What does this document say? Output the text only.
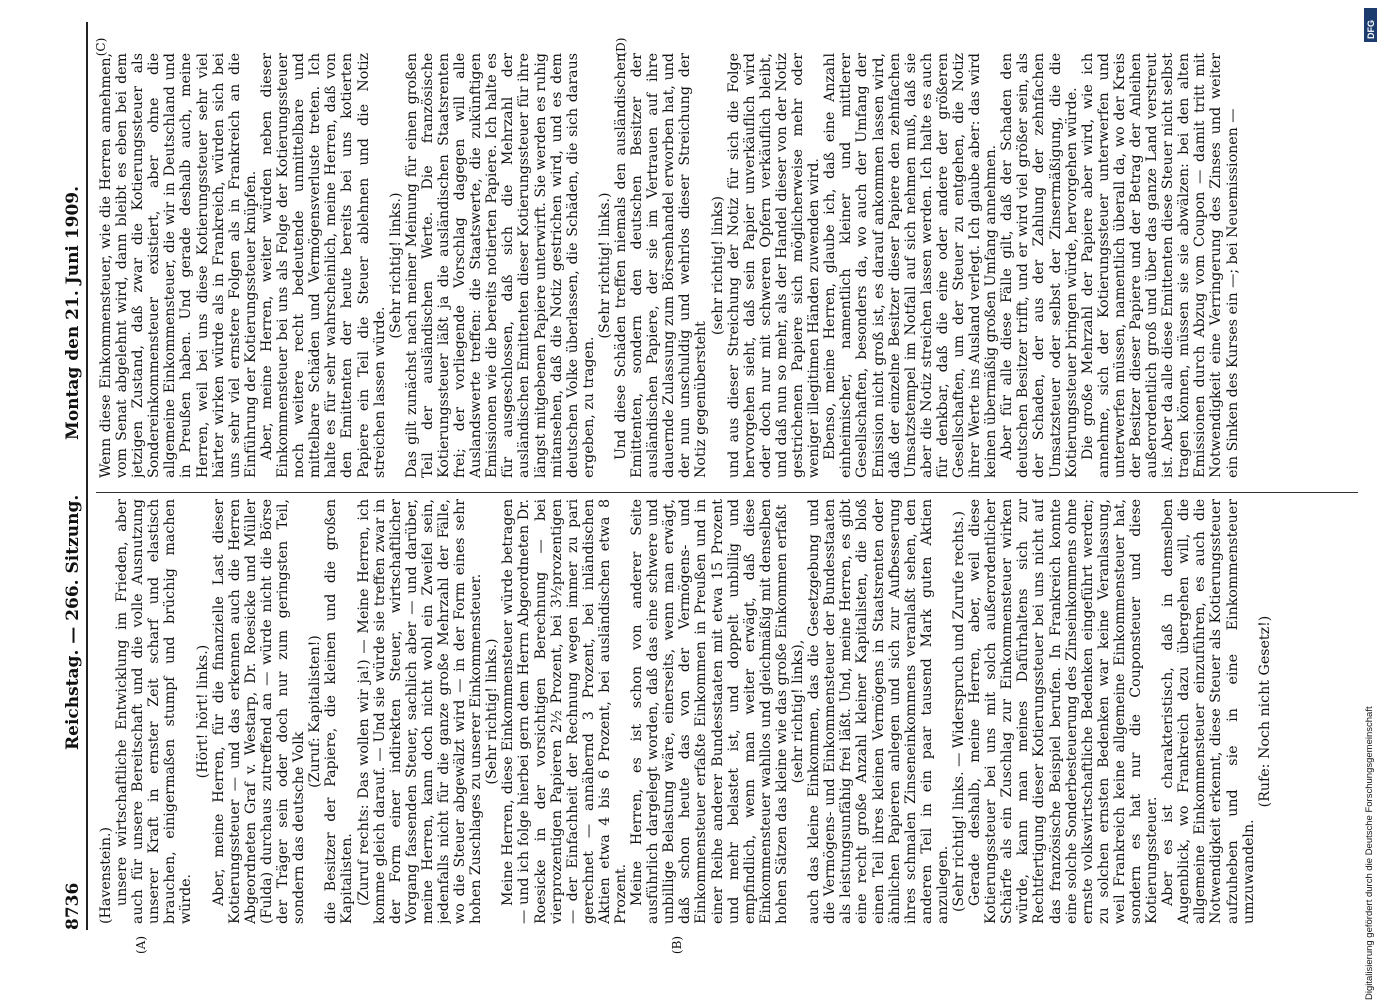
8736
Reichstag. — 266. Sitzung.
Montag den 21. Juni 1909.
(A)	(B)
(C)	(D)

(Havenstein.) unsere wirtschaftliche Entwicklung im Frieden, aber auch für unsere Bereitschaft und die volle Ausnutzung unserer Kraft in ernster Zeit scharf und elastisch brauchen, einigermaßen stumpf und brüchig machen würde.

(Hört! hört! links.) Aber, meine Herren, für die finanzielle Last dieser Kotierungssteuer — und das erkennen auch die Herren Abgeordneten Graf v. Westarp, Dr. Roesicke und Müller (Fulda) durchaus zutreffend an — würde nicht die Börse der Träger sein oder doch nur zum geringsten Teil, sondern das deutsche Volk

(Zuruf: Kapitalisten!) die Besitzer der Papiere, die kleinen und die großen Kapitalisten. (Zuruf rechts: Das wollen wir ja!) — Meine Herren, ich komme gleich darauf. — Und sie würde sie treffen zwar in der Form einer indirekten Steuer, wirtschaftlicher Vorgang fassenden Steuer, sachlich aber — und darüber, meine Herren, kann doch nicht wohl ein Zweifel sein, jedenfalls nicht für die ganze große Mehrzahl der Fälle, wo die Steuer abgewälzt wird — in der Form eines sehr hohen Zuschlages zu unserer Einkommensteuer. (Sehr richtig! links.) Meine Herren, diese Einkommensteuer würde betragen — und ich folge hierbei gern dem Herrn Abgeordneten Dr. Roesicke in der vorsichtigen Berechnung — bei vierprozentigen Papieren 2½ Prozent, bei 3½prozentigen — der Einfachheit der Rechnung wegen immer zu pari gerechnet — annähernd 3 Prozent, bei inländischen Aktien etwa 4 bis 6 Prozent, bei ausländischen etwa 8 Prozent. Meine Herren, es ist schon von anderer Seite ausführlich dargelegt worden, daß das eine schwere und unbillige Belastung wäre, einerseits, wenn man erwägt, daß schon heute das von der Vermögens- und Einkommensteuer erfaßte Einkommen in Preußen und in einer Reihe anderer Bundesstaaten mit etwa 15 Prozent und mehr belastet ist, und doppelt unbillig und empfindlich, wenn man weiter erwägt, daß diese Einkommensteuer wahllos und gleichmäßig mit denselben hohen Sätzen das kleine wie das große Einkommen erfaßt (sehr richtig! links), auch das kleine Einkommen, das die Gesetzgebung und die Vermögens- und Einkommensteuer der Bundesstaaten als leistungsunfähig frei läßt. Und, meine Herren, es gibt eine recht große Anzahl kleiner Kapitalisten, die bloß einen Teil ihres kleinen Vermögens in Staatsrenten oder ähnlichen Papieren anlegen und sich zur Aufbesserung ihres schmalen Zinseneinkommens veranlaßt sehen, den anderen Teil in ein paar tausend Mark guten Aktien anzulegen. (Sehr richtig! links. — Widerspruch und Zurufe rechts.) Gerade deshalb, meine Herren, aber, weil diese Kotierungssteuer bei uns mit solch außerordentlicher Schärfe als ein Zuschlag zur Einkommensteuer wirken würde, kann man meines Dafürhaltens sich zur Rechtfertigung dieser Kotierungssteuer bei uns nicht auf das französische Beispiel berufen. In Frankreich konnte eine solche Sonderbesteuerung des Zinseinkommens ohne ernste volkswirtschaftliche Bedenken eingeführt werden; zu solchen ernsten Bedenken war keine Veranlassung, weil Frankreich keine allgemeine Einkommensteuer hat, sondern es hat nur die Couponsteuer und diese Kotierungssteuer. Aber es ist charakteristisch, daß in demselben Augenblick, wo Frankreich dazu übergehen will, die allgemeine Einkommensteuer einzuführen, es auch die Notwendigkeit erkennt, diese Steuer als Kotierungssteuer aufzuheben und sie in eine Einkommensteuer umzuwandeln.

(Rufe: Noch nicht Gesetz!)

Wenn diese Einkommensteuer, wie die Herren annehmen, vom Senat abgelehnt wird, dann bleibt es eben bei dem jetzigen Zustand, daß zwar die Kotierungssteuer als Sondereinkommensteuer existiert, aber ohne die allgemeine Einkommensteuer, die wir in Deutschland und in Preußen haben. Und gerade deshalb auch, meine Herren, weil bei uns diese Kotierungssteuer sehr viel härter wirken würde als in Frankreich, würden sich bei uns sehr viel ernstere Folgen als in Frankreich an die Einführung der Kotierungssteuer knüpfen. Aber, meine Herren, weiter würden neben dieser Einkommensteuer bei uns als Folge der Kotierungssteuer noch weitere recht bedeutende unmittelbare und mittelbare Schäden und Vermögensverluste treten. Ich halte es für sehr wahrscheinlich, meine Herren, daß von den Emittenten der heute bereits bei uns kotierten Papiere ein Teil die Steuer ablehnen und die Notiz streichen lassen würde.

(Sehr richtig! links.) Das gilt zunächst nach meiner Meinung für einen großen Teil der ausländischen Werte. Die französische Kotierungssteuer läßt ja die ausländischen Staatsrenten frei; der vorliegende Vorschlag dagegen will alle Auslandswerte treffen: die Staatswerte, die zukünftigen Emissionen wie die bereits notierten Papiere. Ich halte es für ausgeschlossen, daß sich die Mehrzahl der ausländischen Emittenten dieser Kotierungssteuer für ihre längst mitgebenen Papiere unterwirft. Sie werden es ruhig mitansehen, daß die Notiz gestrichen wird, und es dem deutschen Volke überlassen, die Schäden, die sich daraus ergeben, zu tragen.

(Sehr richtig! links.) Und diese Schäden treffen niemals den ausländischen Emittenten, sondern den deutschen Besitzer der ausländischen Papiere, der sie im Vertrauen auf ihre dauernde Zulassung zum Börsenhandel erworben hat, und der nun unschuldig und wehrlos dieser Streichung der Notiz gegenübersteht

(sehr richtig! links) und aus dieser Streichung der Notiz für sich die Folge hervorgehen sieht, daß sein Papier unverkäuflich wird oder doch nur mit schweren Opfern verkäuflich bleibt, und daß nun so mehr, als der Handel dieser von der Notiz gestrichenen Papiere sich möglicherweise mehr oder weniger illegitimen Händen zuwenden wird. Ebenso, meine Herren, glaube ich, daß eine Anzahl einheimischer, namentlich kleiner und mittlerer Gesellschaften, besonders da, wo auch der Umfang der Emission nicht groß ist, es darauf ankommen lassen wird, daß der einzelne Besitzer dieser Papiere den zehnfachen Umsatzstempel im Notfall auf sich nehmen muß, daß sie aber die Notiz streichen lassen werden. Ich halte es auch für denkbar, daß die eine oder andere der größeren Gesellschaften, um der Steuer zu entgehen, die Notiz ihrer Werte ins Ausland verlegt. Ich glaube aber: das wird keinen übermäßig großen Umfang annehmen. Aber für alle diese Fälle gilt, daß der Schaden den deutschen Besitzer trifft, und er wird viel größer sein, als der Schaden, der aus der Zahlung der zehnfachen Umsatzsteuer oder selbst der Zinsermäßigung, die die Kotierungssteuer bringen würde, hervorgehen würde. Die große Mehrzahl der Papiere aber wird, wie ich annehme, sich der Kotierungssteuer unterwerfen und unterwerfen müssen, namentlich überall da, wo der Kreis der Besitzer dieser Papiere und der Betrag der Anleihen außerordentlich groß und über das ganze Land verstreut ist. Aber da alle diese Emittenten diese Steuer nicht selbst tragen können, müssen sie sie abwälzen: bei den alten Emissionen durch Abzug vom Coupon — damit tritt mit Notwendigkeit eine Verringerung des Zinses und weiter ein Sinken des Kurses ein —; bei Neuemissionen —

DFG
Digitalisierung gefördert durch die Deutsche Forschungsgemeinschaft
